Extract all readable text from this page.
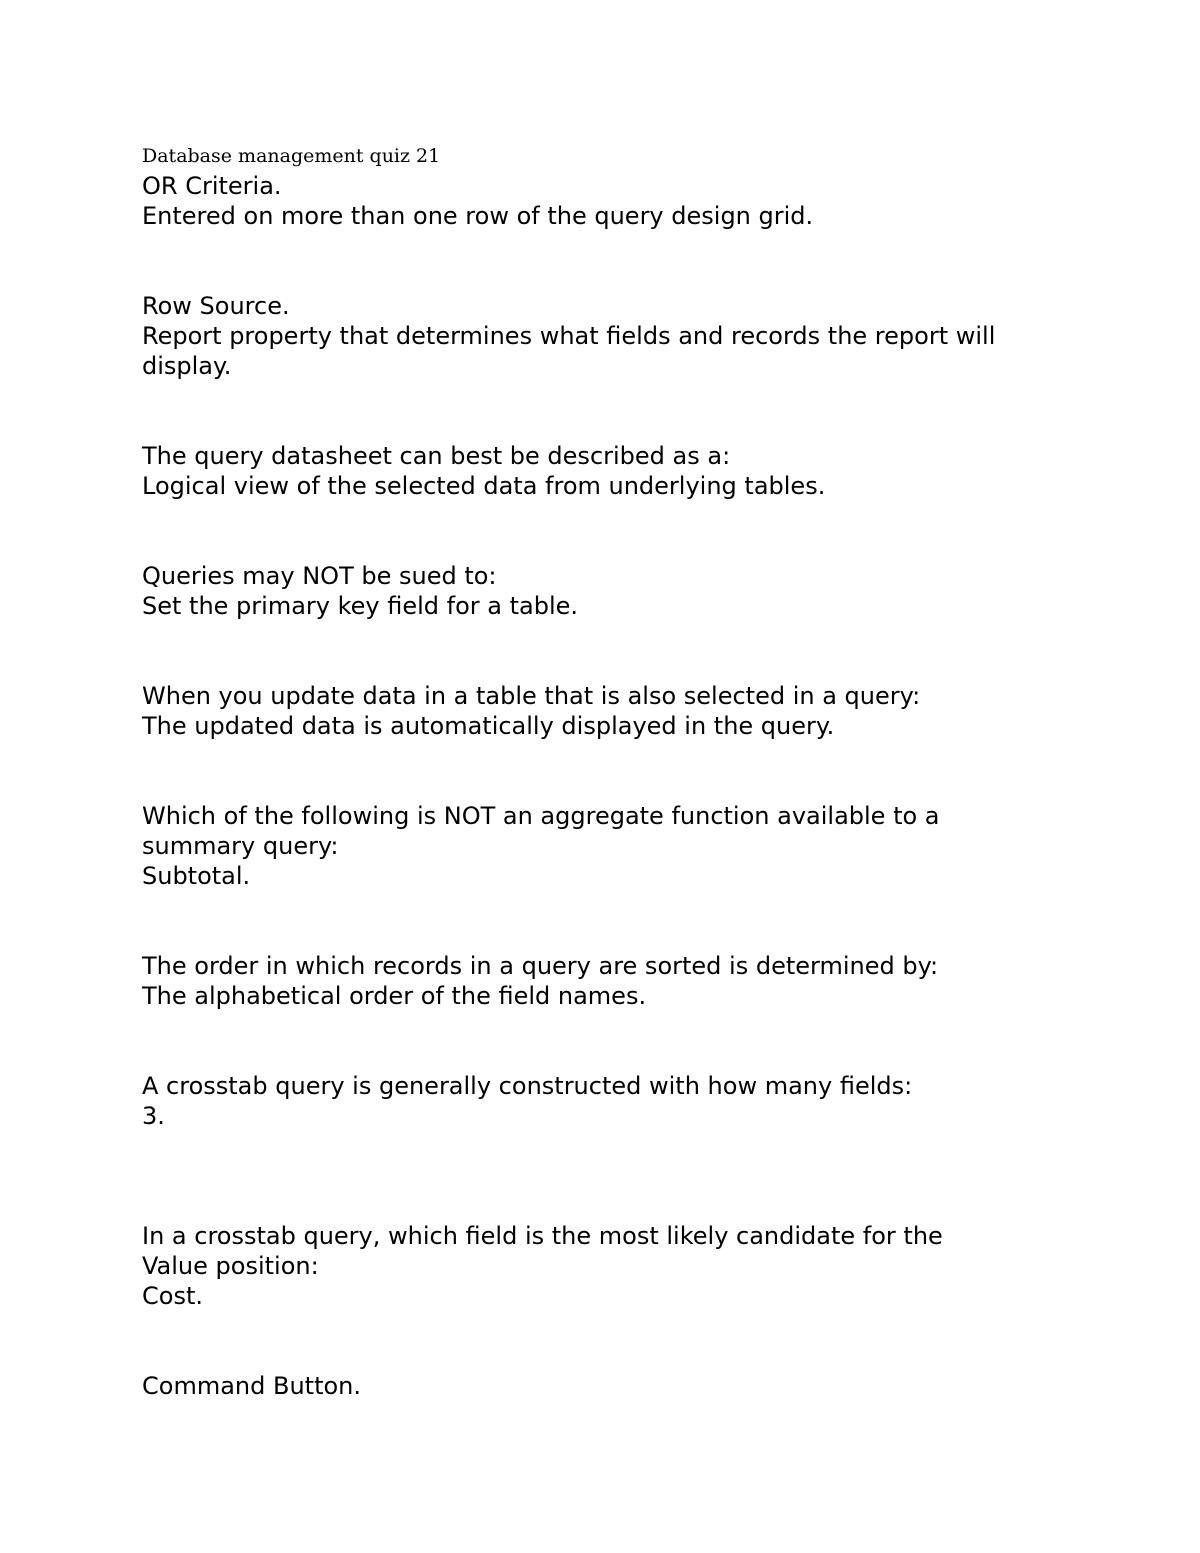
Database management quiz 21
OR Criteria.
Entered on more than one row of the query design grid.
Row Source.
Report property that determines what fields and records the report will
display.
The query datasheet can best be described as a:
Logical view of the selected data from underlying tables.
Queries may NOT be sued to:
Set the primary key field for a table.
When you update data in a table that is also selected in a query:
The updated data is automatically displayed in the query.
Which of the following is NOT an aggregate function available to a
summary query:
Subtotal.
The order in which records in a query are sorted is determined by:
The alphabetical order of the field names.
A crosstab query is generally constructed with how many fields:
3.
In a crosstab query, which field is the most likely candidate for the
Value position:
Cost.
Command Button.
